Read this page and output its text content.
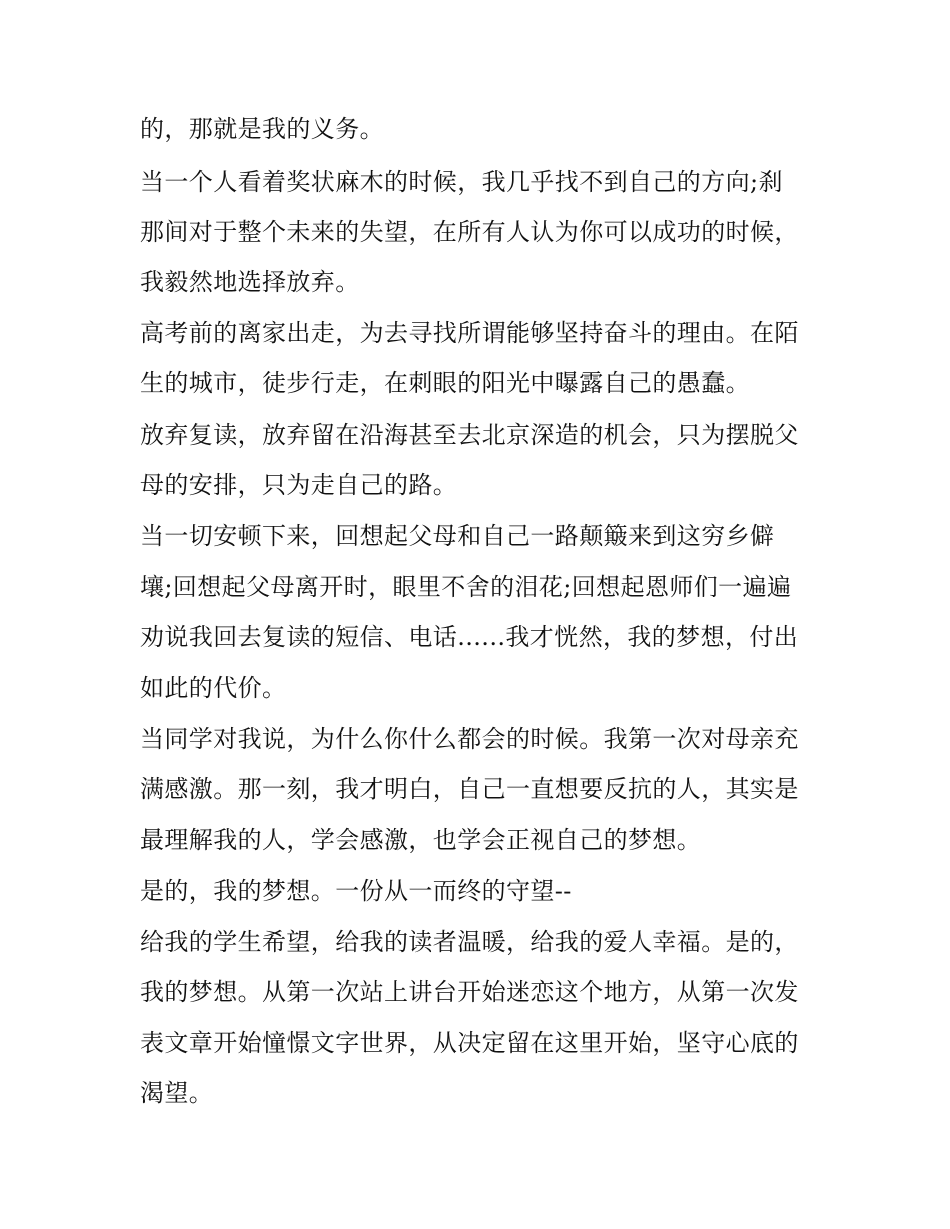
的，那就是我的义务。

当一个人看着奖状麻木的时候，我几乎找不到自己的方向;刹

那间对于整个未来的失望，在所有人认为你可以成功的时候，

我毅然地选择放弃。

高考前的离家出走，为去寻找所谓能够坚持奋斗的理由。在陌

生的城市，徒步行走，在刺眼的阳光中曝露自己的愚蠢。

放弃复读，放弃留在沿海甚至去北京深造的机会，只为摆脱父

母的安排，只为走自己的路。

当一切安顿下来，回想起父母和自己一路颠簸来到这穷乡僻

壤;回想起父母离开时，眼里不舍的泪花;回想起恩师们一遍遍

劝说我回去复读的短信、电话......我才恍然，我的梦想，付出

如此的代价。

当同学对我说，为什么你什么都会的时候。我第一次对母亲充

满感激。那一刻，我才明白，自己一直想要反抗的人，其实是

最理解我的人，学会感激，也学会正视自己的梦想。

是的，我的梦想。一份从一而终的守望--

给我的学生希望，给我的读者温暖，给我的爱人幸福。是的，

我的梦想。从第一次站上讲台开始迷恋这个地方，从第一次发

表文章开始憧憬文字世界，从决定留在这里开始，坚守心底的

渴望。
